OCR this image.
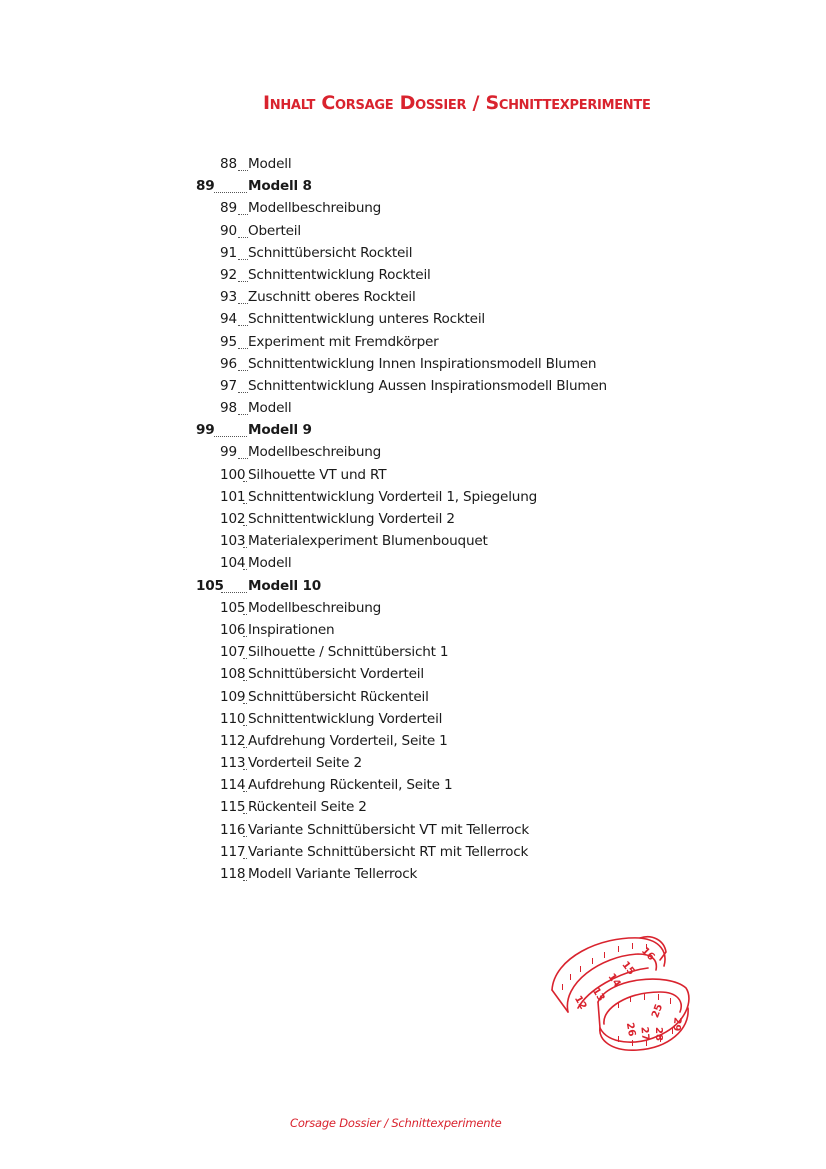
Inhalt Corsage Dossier / Schnittexperimente
88 Modell
89 Modell 8
89 Modellbeschreibung
90 Oberteil
91 Schnittübersicht Rockteil
92 Schnittentwicklung Rockteil
93 Zuschnitt oberes Rockteil
94 Schnittentwicklung unteres Rockteil
95 Experiment mit Fremdkörper
96 Schnittentwicklung Innen Inspirationsmodell Blumen
97 Schnittentwicklung Aussen Inspirationsmodell Blumen
98 Modell
99 Modell 9
99 Modellbeschreibung
100 Silhouette VT und RT
101 Schnittentwicklung Vorderteil 1, Spiegelung
102 Schnittentwicklung Vorderteil 2
103 Materialexperiment Blumenbouquet
104 Modell
105 Modell 10
105 Modellbeschreibung
106 Inspirationen
107 Silhouette / Schnittübersicht 1
108 Schnittübersicht Vorderteil
109 Schnittübersicht Rückenteil
110 Schnittentwicklung Vorderteil
112 Aufdrehung Vorderteil, Seite 1
113 Vorderteil Seite 2
114 Aufdrehung Rückenteil, Seite 1
115 Rückenteil Seite 2
116 Variante Schnittübersicht VT mit Tellerrock
117 Variante Schnittübersicht RT mit Tellerrock
118 Modell Variante Tellerrock
12 13
14
15
16
25
26 27 28
29
Corsage Dossier / Schnittexperimente
